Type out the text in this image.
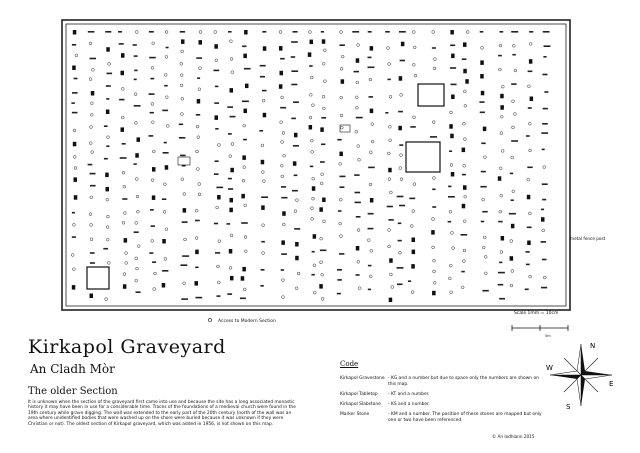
Kirkapol Graveyard
An Cladh Mòr
The older Section

It is unknown when the section of the graveyard first came into use and because the site has a long associated monastic history it may have been in use for a considerable time. Traces of the foundations of a medieval church were found in the 19th century while grave digging. The wall was extended to the early part of the 20th century (north of the wall was an area where unidentified bodies that were washed up on the shore were buried because it was unknown if they were Christian or not). The oldest section of Kirkapol graveyard, which was added in 1956, is not shown on this map.

Access to Modern Section
Scale 1mm = 10cm
5m
metal fence post
Code
Kirkapol Gravestone - KG and a number but due to space only the numbers are shown on this map.
Kirkapol Tabletop	- KT and a number.
Kirkapol Slabstone	- KS and a number.
Marker Stone	- KM and a number. The position of these stones are mapped but only one or two have been referenced.
N
E
S
W
© An Iodhlann 2015
